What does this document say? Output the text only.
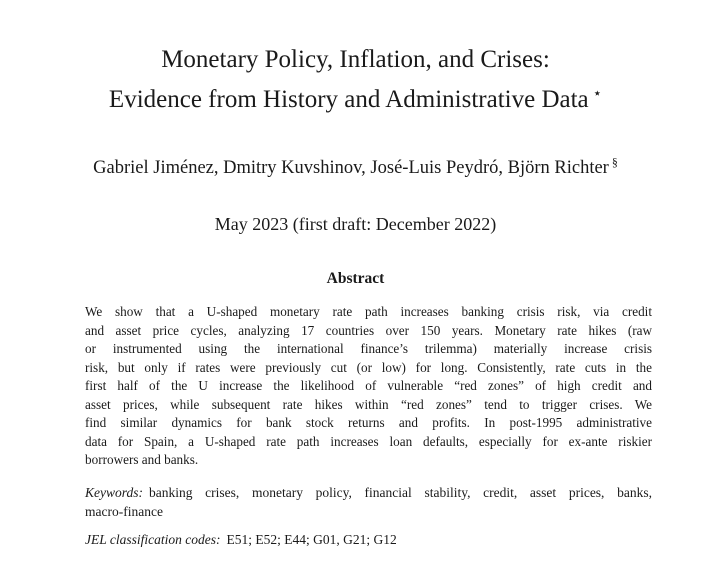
Monetary Policy, Inflation, and Crises:
Evidence from History and Administrative Data ⋆
Gabriel Jiménez, Dmitry Kuvshinov, José-Luis Peydró, Björn Richter §
May 2023 (first draft: December 2022)
Abstract
We show that a U-shaped monetary rate path increases banking crisis risk, via credit
and asset price cycles, analyzing 17 countries over 150 years. Monetary rate hikes (raw
or instrumented using the international finance’s trilemma) materially increase crisis
risk, but only if rates were previously cut (or low) for long. Consistently, rate cuts in the
first half of the U increase the likelihood of vulnerable “red zones” of high credit and
asset prices, while subsequent rate hikes within “red zones” tend to trigger crises. We
find similar dynamics for bank stock returns and profits. In post-1995 administrative
data for Spain, a U-shaped rate path increases loan defaults, especially for ex-ante riskier
borrowers and banks.
Keywords: banking crises, monetary policy, financial stability, credit, asset prices, banks,
macro-finance
JEL classification codes: E51; E52; E44; G01, G21; G12
